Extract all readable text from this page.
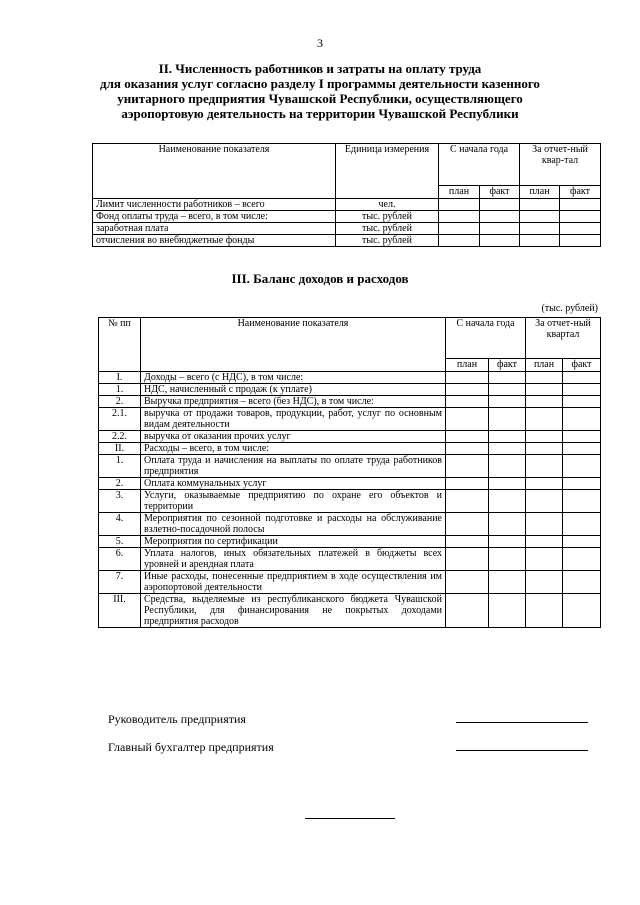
3
II. Численность работников и затраты на оплату труда
для оказания услуг согласно разделу I программы деятельности казенного
унитарного предприятия Чувашской Республики, осуществляющего
аэропортовую деятельность на территории Чувашской Республики
Наименование показателя	Единица измерения	С начала года		За отчет-ный квар-тал	
		план	факт	план	факт
Лимит численности работников – всего	чел.				
Фонд оплаты труда – всего, в том числе:	тыс. рублей				
заработная плата	тыс. рублей				
отчисления во внебюджетные фонды	тыс. рублей				
III. Баланс доходов и расходов
(тыс. рублей)
№ пп	Наименование показателя	С начала года		За отчет-ный квартал	
		план	факт	план	факт
I.	Доходы – всего (с НДС), в том числе:				
1.	НДС, начисленный с продаж (к уплате)				
2.	Выручка предприятия – всего (без НДС), в том числе:				
2.1.	выручка от продажи товаров, продукции, работ, услуг по основным видам деятельности				
2.2.	выручка от оказания прочих услуг				
II.	Расходы – всего, в том числе:				
1.	Оплата труда и начисления на выплаты по оплате труда работников предприятия				
2.	Оплата коммунальных услуг				
3.	Услуги, оказываемые предприятию по охране его объектов и территории				
4.	Мероприятия по сезонной подготовке и расходы на обслуживание взлетно-посадочной полосы				
5.	Мероприятия по сертификации				
6.	Уплата налогов, иных обязательных платежей в бюджеты всех уровней и арендная плата				
7.	Иные расходы, понесенные предприятием в ходе осуществления им аэропортовой деятельности				
III.	Средства, выделяемые из республиканского бюджета Чувашской Республики, для финансирования не покрытых доходами предприятия расходов				
Руководитель предприятия
Главный бухгалтер предприятия
